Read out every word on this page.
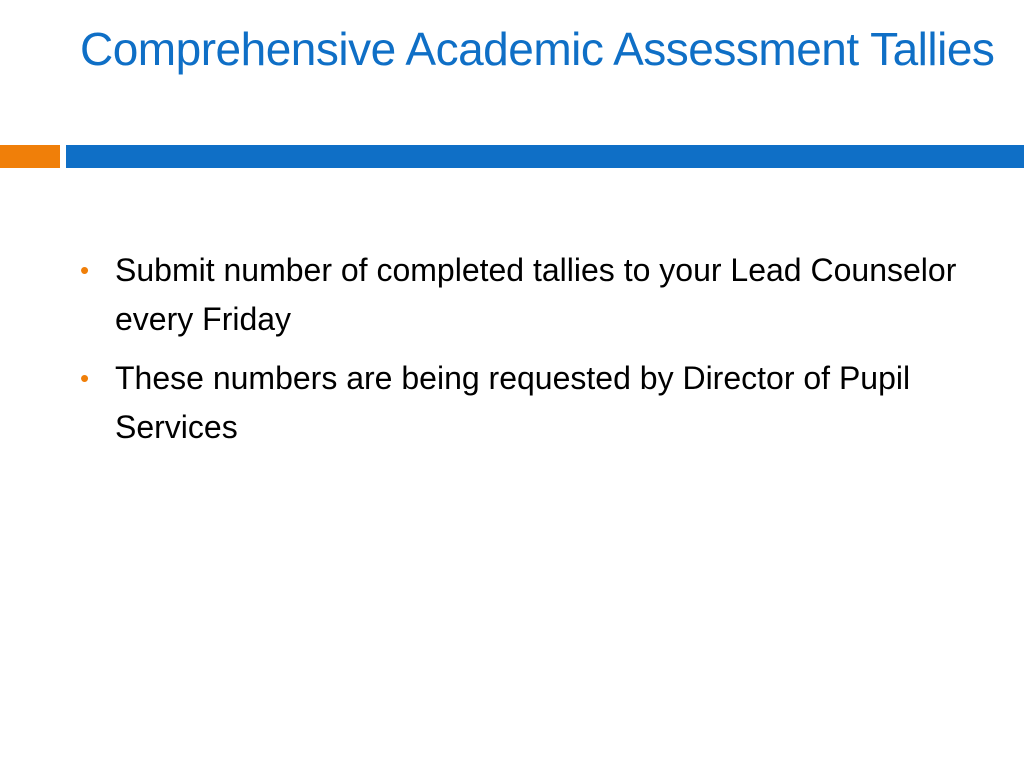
Comprehensive Academic Assessment Tallies
• Submit number of completed tallies to your Lead Counselor every Friday
• These numbers are being requested by Director of Pupil Services
